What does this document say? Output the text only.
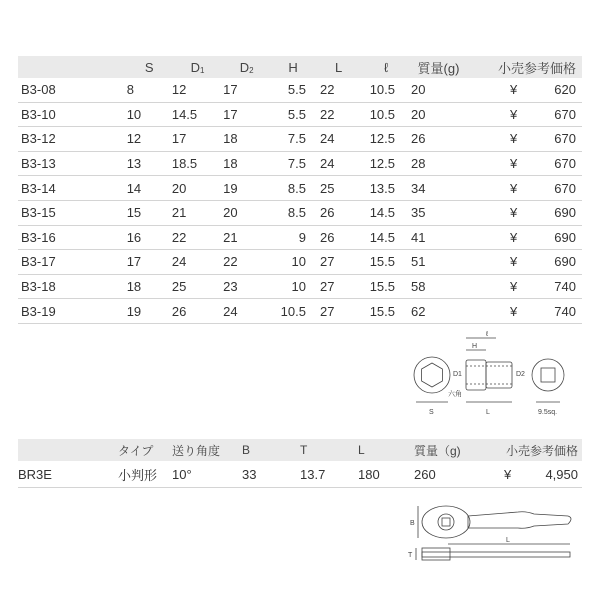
	S	D1	D2	H	L	ℓ	質量(g)	小売参考価格
B3-08	8	12	17	5.5	22	10.5	20	¥ 620
B3-10	10	14.5	17	5.5	22	10.5	20	¥ 670
B3-12	12	17	18	7.5	24	12.5	26	¥ 670
B3-13	13	18.5	18	7.5	24	12.5	28	¥ 670
B3-14	14	20	19	8.5	25	13.5	34	¥ 670
B3-15	15	21	20	8.5	26	14.5	35	¥ 690
B3-16	16	22	21	9	26	14.5	41	¥ 690
B3-17	17	24	22	10	27	15.5	51	¥ 690
B3-18	18	25	23	10	27	15.5	58	¥ 740
B3-19	19	26	24	10.5	27	15.5	62	¥ 740
ℓ
H
D1	D2
六角
S	L	9.5sq.
	タイプ	送り角度	B	T	L	質量（g)	小売参考価格
BR3E	小判形	10°	33	13.7	180	260	¥ 4,950
B
T
L
